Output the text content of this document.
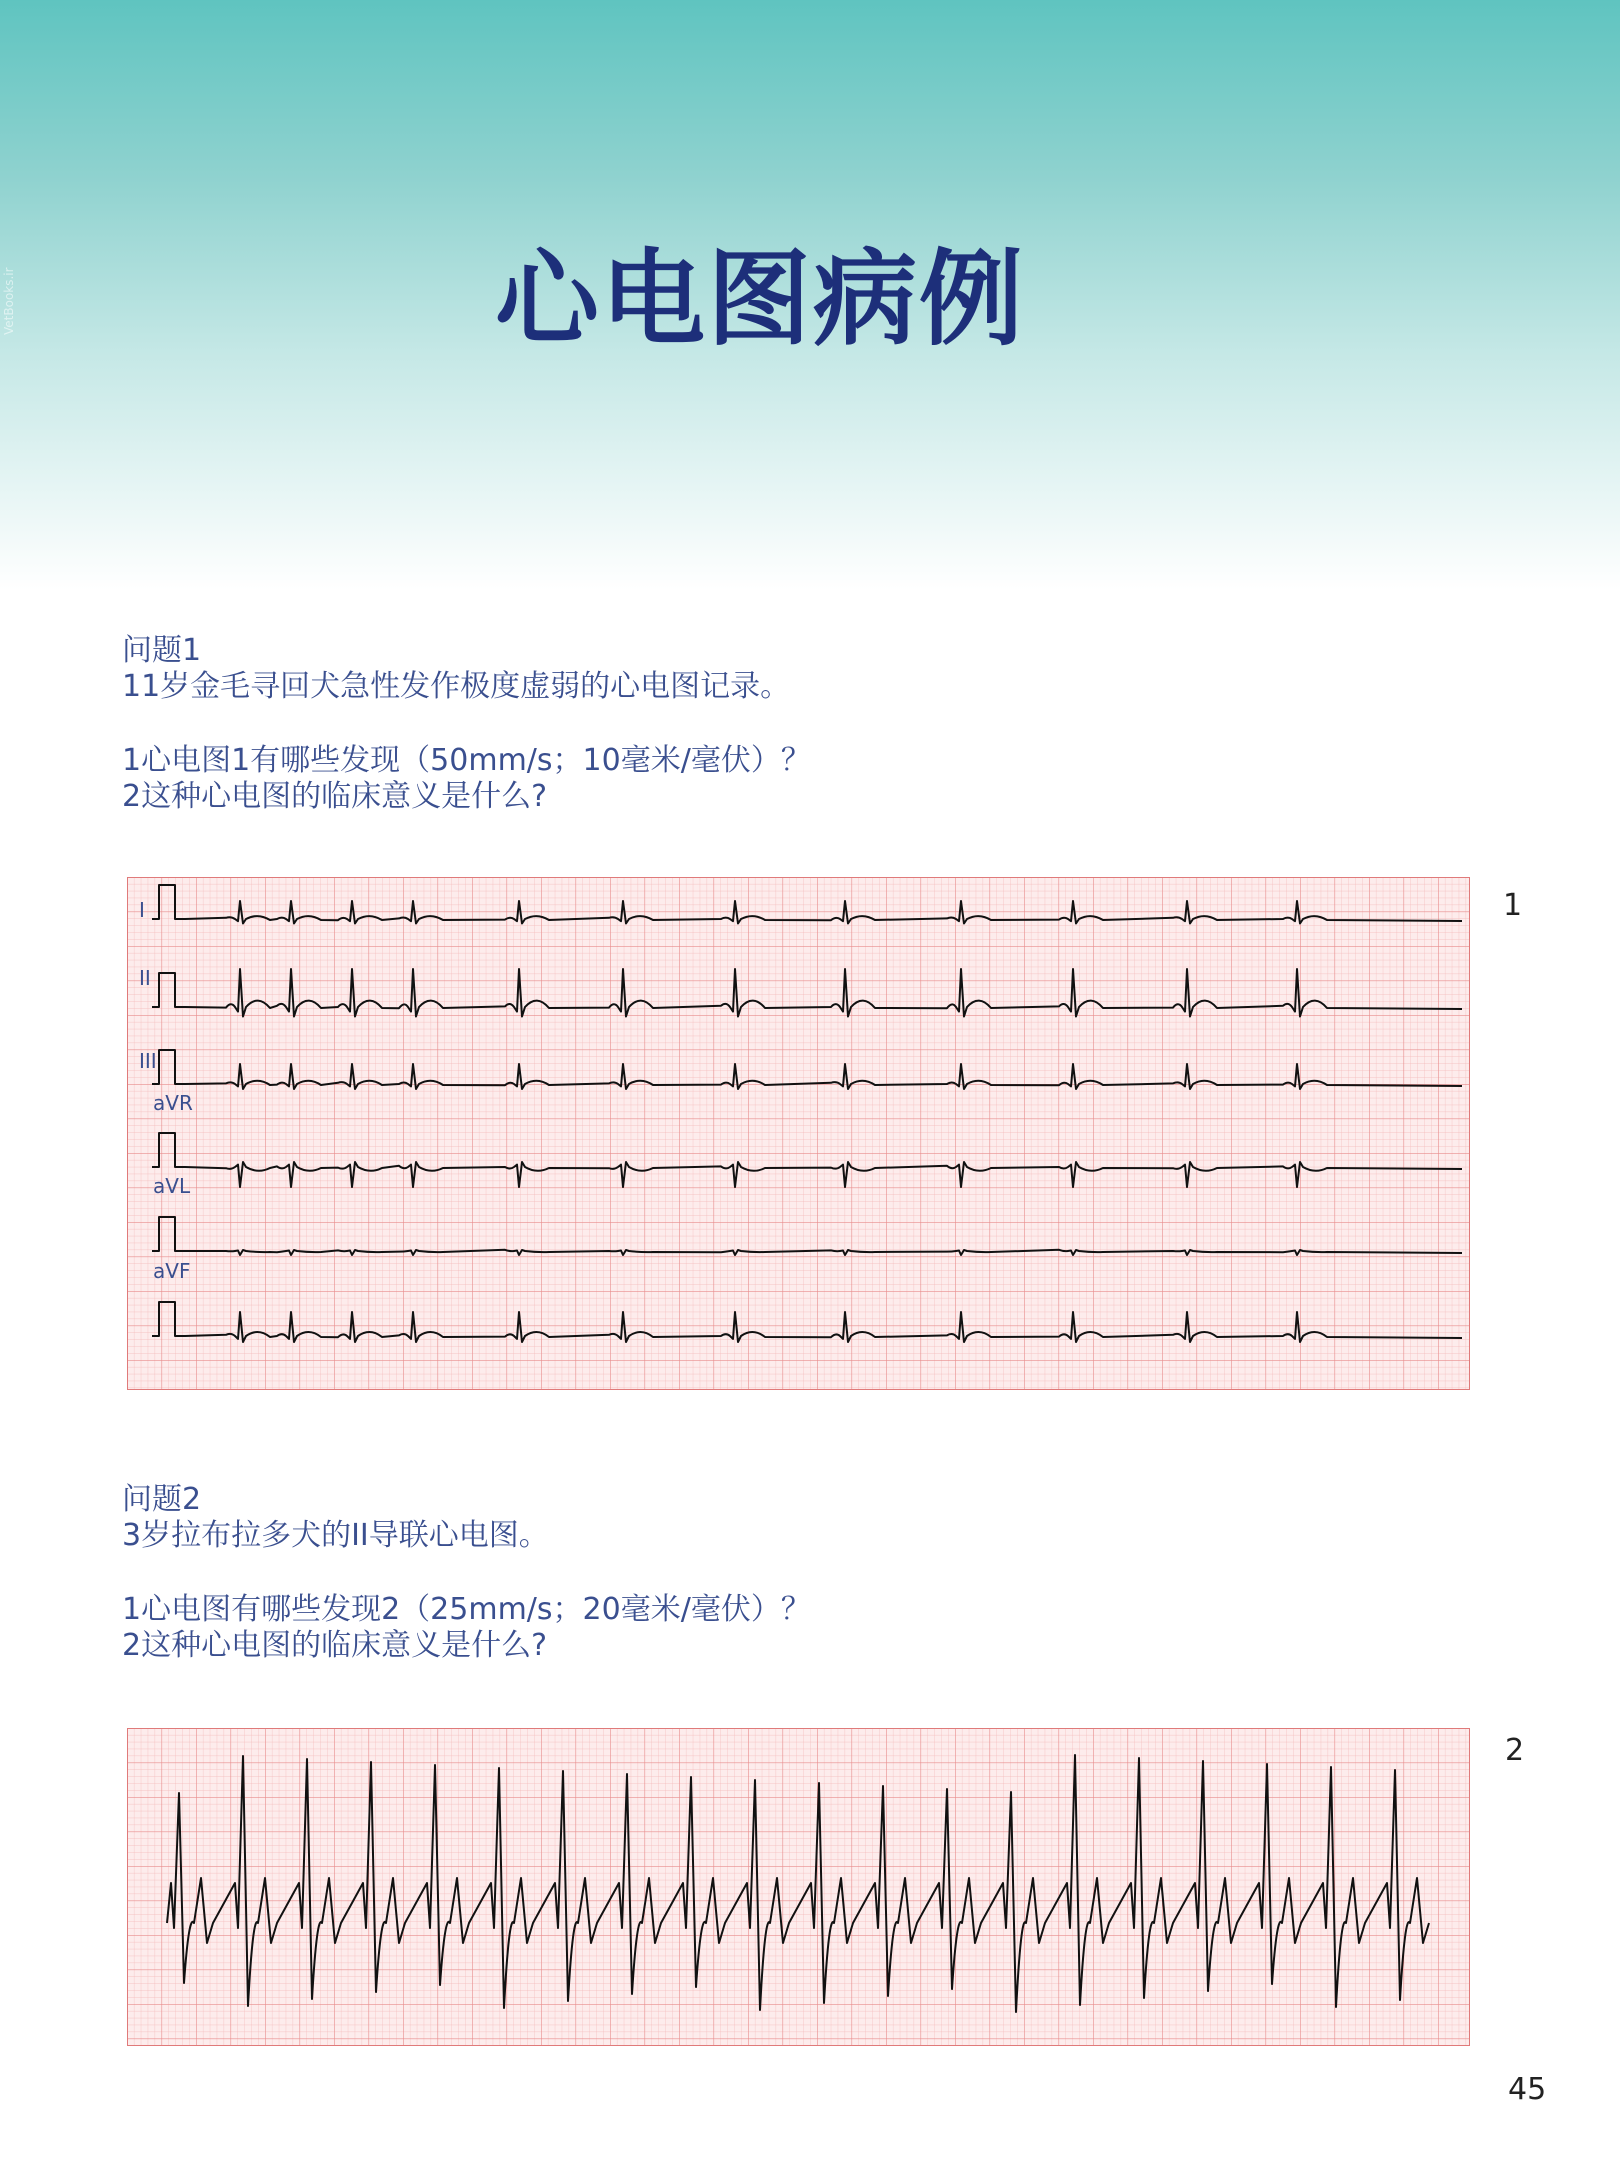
VetBooks.ir	心电图病例
问题1
11岁金毛寻回犬急性发作极度虚弱的心电图记录。
1心电图1有哪些发现（50mm/s；10毫米/毫伏）？
2这种心电图的临床意义是什么?
I
II
III
aVR
aVL
aVF
1
问题2
3岁拉布拉多犬的II导联心电图。
1心电图有哪些发现2（25mm/s；20毫米/毫伏）？
2这种心电图的临床意义是什么?
2
45
